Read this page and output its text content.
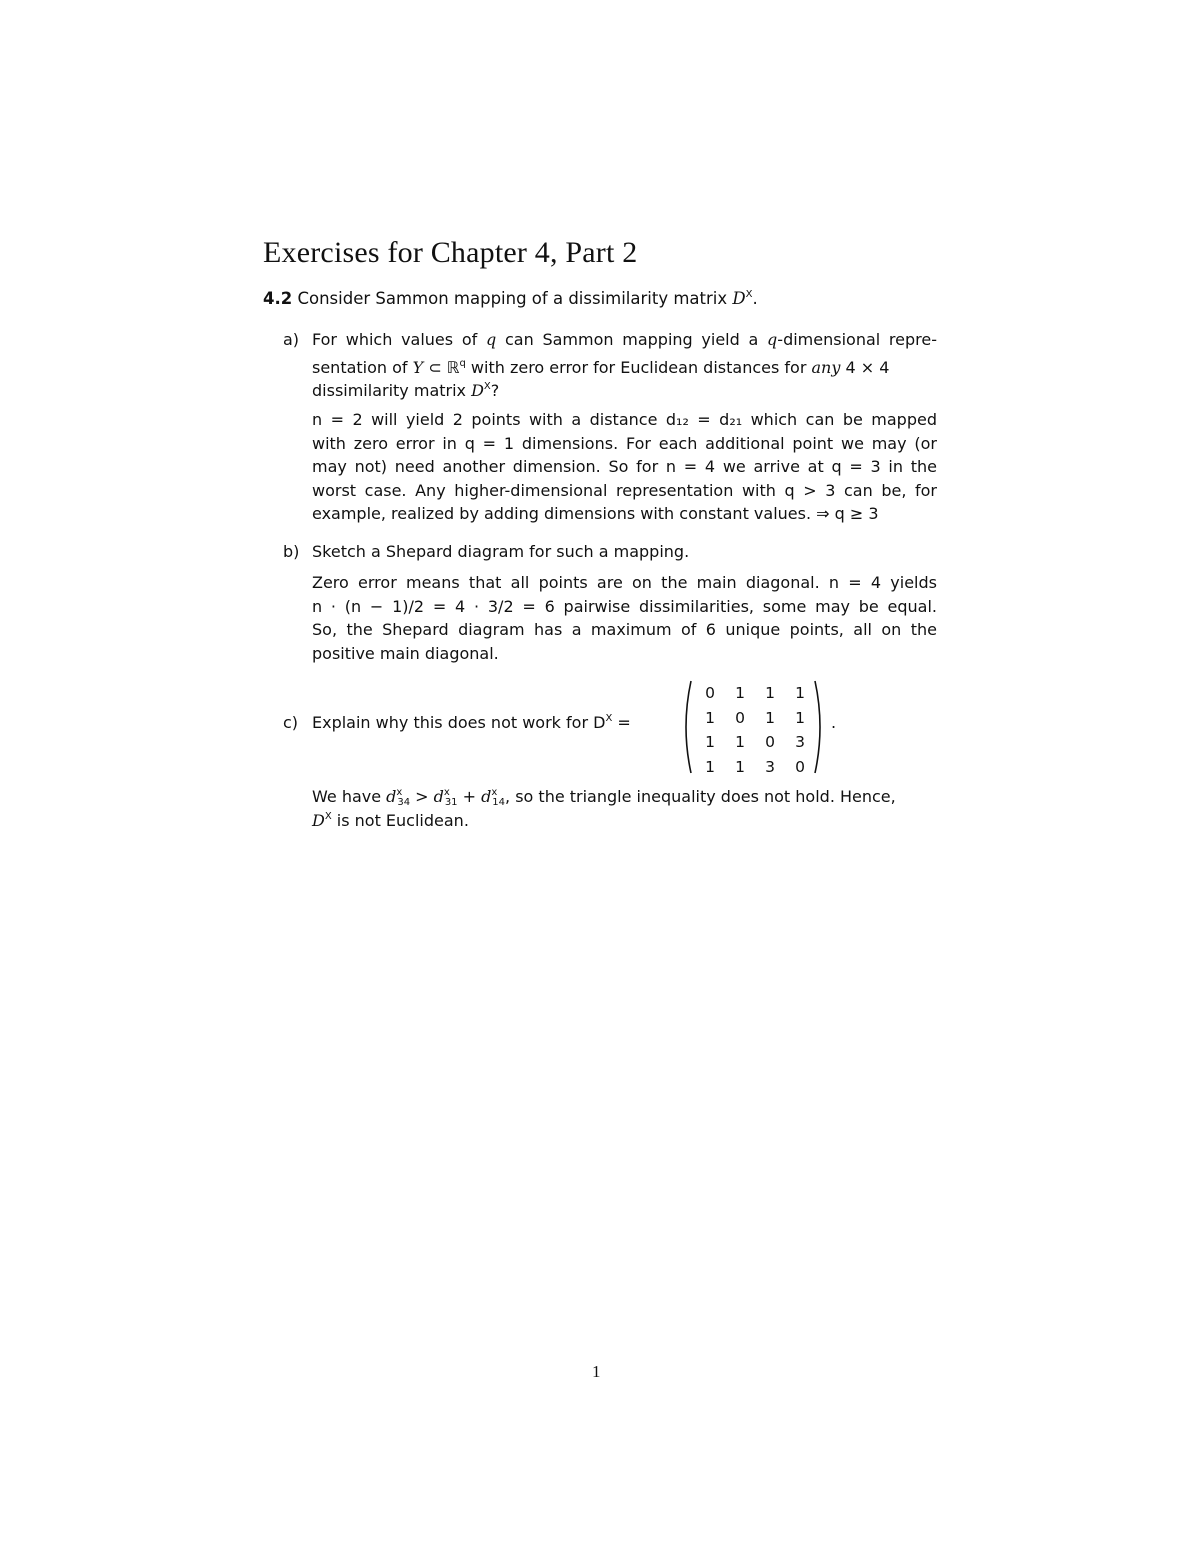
Exercises for Chapter 4, Part 2
4.2 Consider Sammon mapping of a dissimilarity matrix $D^X$.
a) For which values of q can Sammon mapping yield a q-dimensional repre-
sentation of Y ⊂ ℝ$^q$ with zero error for Euclidean distances for any 4 × 4
dissimilarity matrix $D^X$?
n = 2 will yield 2 points with a distance d₁₂ = d₂₁ which can be mapped
with zero error in q = 1 dimensions. For each additional point we may (or
may not) need another dimension. So for n = 4 we arrive at q = 3 in the
worst case. Any higher-dimensional representation with q > 3 can be, for
example, realized by adding dimensions with constant values. ⇒ q ≥ 3
b) Sketch a Shepard diagram for such a mapping.
Zero error means that all points are on the main diagonal. n = 4 yields
n · (n − 1)/2 = 4 · 3/2 = 6 pairwise dissimilarities, some may be equal.
So, the Shepard diagram has a maximum of 6 unique points, all on the
positive main diagonal.
c) Explain why this does not work for $D^X$ =
0	1	1	1
1	0	1	1
1	1	0	3
1	1	3	0
.
We have $d^x_{34} > d^x_{31} + d^x_{14}$, so the triangle inequality does not hold. Hence,
$D^X$ is not Euclidean.
1
